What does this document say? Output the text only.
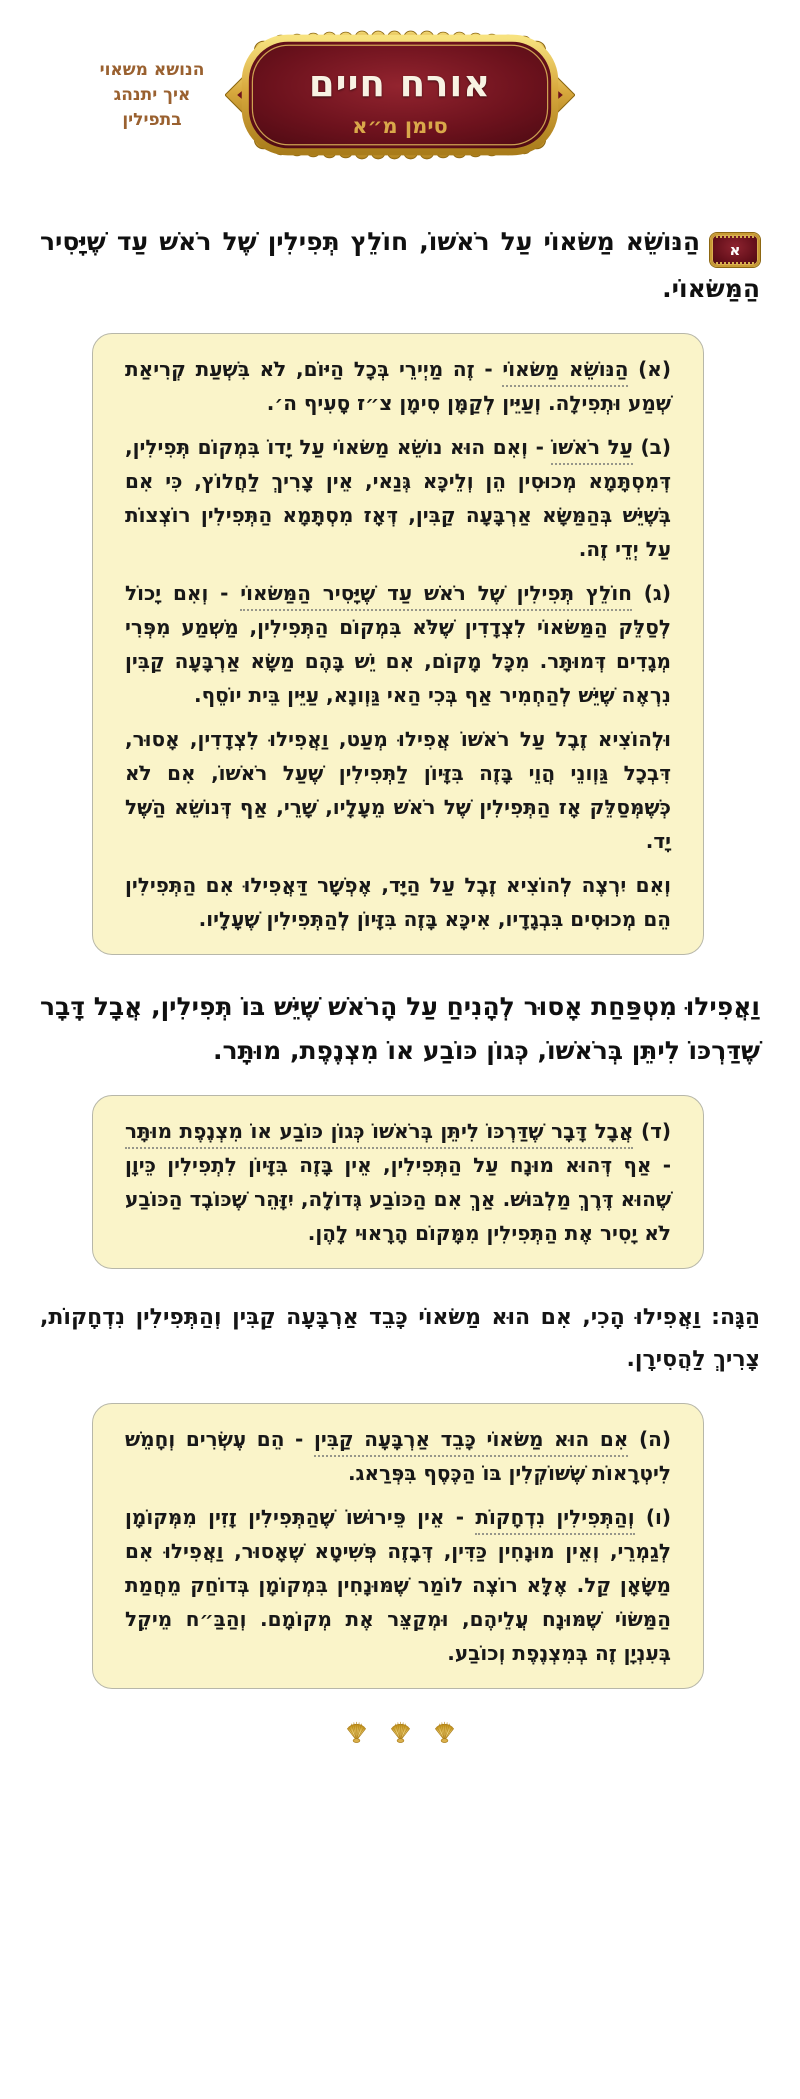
הנושא משאוי
איך יתנהג
בתפילין
אורח חיים
סימן מ״א

א
הַנּוֹשֵׂא מַשּׂאוֹי עַל רֹאשׁוֹ, חוֹלֵץ תְּפִילִין שֶׁל רֹאשׁ עַד שֶׁיָּסִיר הַמַּשּׂאוֹי.

(א) הַנּוֹשֵׂא מַשּׂאוֹי - זֶה מַיְירֵי בְּכָל הַיּוֹם, לֹא בִּשְׁעַת קְרִיאַת שְׁמַע וּתְפִילָה. וְעַיֵּין לְקַמָּן סִימָן צ״ז סָעִיף ה׳.

(ב) עַל רֹאשׁוֹ - וְאִם הוּא נוֹשֵׂא מַשּׂאוֹי עַל יָדוֹ בִּמְקוֹם תְּפִילִין, דְּמִסְתָּמָא מְכוּסִין הֵן וְלֵיכָּא גְּנַאי, אֵין צָרִיךְ לַחֲלוֹץ, כִּי אִם בְּשֶׁיֵּשׁ בְּהַמַּשָּׂא אַרְבָּעָה קַבִּין, דְּאָז מִסְתָּמָא הַתְּפִילִין רוֹצְצוֹת עַל יְדֵי זֶה.

(ג) חוֹלֵץ תְּפִילִין שֶׁל רֹאשׁ עַד שֶׁיָּסִיר הַמַּשּׂאוֹי - וְאִם יָכוֹל לְסַלֵּק הַמַּשּׂאוֹי לִצְדָדִין שֶׁלֹּא בִּמְקוֹם הַתְּפִילִין, מַשְׁמַע מִפְּרִי מְגָדִים דְּמוּתָּר. מִכָּל מָקוֹם, אִם יֵשׁ בָּהֶם מַשָּׂא אַרְבָּעָה קַבִּין נִרְאֶה שֶׁיֵּשׁ לְהַחְמִיר אַף בְּכִי הַאי גַּוְונָא, עַיֵּין בֵּית יוֹסֵף.

וּלְהוֹצִיא זֶבֶל עַל רֹאשׁוֹ אֲפִילוּ מְעַט, וַאֲפִילוּ לִצְדָדִין, אָסוּר, דִּבְכָל גַּוְונֵי הֲוֵי בָּזֶה בִּזָּיוֹן לַתְּפִילִין שֶׁעַל רֹאשׁוֹ, אִם לֹא כְּשֶׁמְּסַלֵּק אָז הַתְּפִילִין שֶׁל רֹאשׁ מֵעָלָיו, שָׁרֵי, אַף דְּנוֹשֵׂא הַשֶּׁל יָד.

וְאִם יִרְצֶה לְהוֹצִיא זֶבֶל עַל הַיָּד, אֶפְשָׁר דַּאֲפִילוּ אִם הַתְּפִילִין הֵם מְכוּסִים בִּבְגָדָיו, אִיכָּא בָּזֶה בִּזָּיוֹן לְהַתְּפִילִין שֶׁעָלָיו.

וַאֲפִילוּ מִטְפַּחַת אָסוּר לְהָנִיחַ עַל הָרֹאשׁ שֶׁיֵּשׁ בּוֹ תְּפִילִין, אֲבָל דָּבָר שֶׁדַּרְכּוֹ לִיתֵּן בְּרֹאשׁוֹ, כְּגוֹן כּוֹבַע אוֹ מִצְנֶפֶת, מוּתָּר.

(ד) אֲבָל דָּבָר שֶׁדַּרְכּוֹ לִיתֵּן בְּרֹאשׁוֹ כְּגוֹן כּוֹבַע אוֹ מִצְנֶפֶת מוּתָּר - אַף דְּהוּא מוּנָח עַל הַתְּפִילִין, אֵין בָּזֶה בִּזָּיוֹן לִתְפִילִין כֵּיוָן שֶׁהוּא דֶּרֶךְ מַלְבּוּשׁ. אַךְ אִם הַכּוֹבַע גְּדוֹלָה, יִזָּהֵר שֶׁכּוֹבֶד הַכּוֹבַע לֹא יָסִיר אֶת הַתְּפִילִין מִמָּקוֹם הָרָאוּי לָהֶן.

הַגָּה: וַאֲפִילוּ הָכִי, אִם הוּא מַשּׂאוֹי כָּבֵד אַרְבָּעָה קַבִּין וְהַתְּפִילִין נִדְחָקוֹת, צָרִיךְ לַהֲסִירָן.

(ה) אִם הוּא מַשּׂאוֹי כָּבֵד אַרְבָּעָה קַבִּין - הֵם עֶשְׂרִים וְחָמֵשׁ לִיטְרָאוֹת שֶׁשּׁוֹקְלִין בּוֹ הַכֶּסֶף בִּפְּרַאג.

(ו) וְהַתְּפִילִין נִדְחָקוֹת - אֵין פֵּירוּשׁוֹ שֶׁהַתְּפִילִין זָזִין מִמְּקוֹמָן לְגַמְרֵי, וְאֵין מוּנָחִין כַּדִּין, דְּבָזֶה פְּשִׁיטָא שֶׁאָסוּר, וַאֲפִילוּ אִם מַשָּׂאָן קַל. אֶלָּא רוֹצֶה לוֹמַר שֶׁמּוּנָחִין בִּמְקוֹמָן בְּדוֹחַק מֵחֲמַת הַמַּשּׂוֹי שֶׁמּוּנָח עֲלֵיהֶם, וּמְקַצֵּר אֶת מְקוֹמָם. וְהַבַּ״ח מֵיקֵל בְּעִנְיָן זֶה בְּמִצְנֶפֶת וְכוֹבַע.
